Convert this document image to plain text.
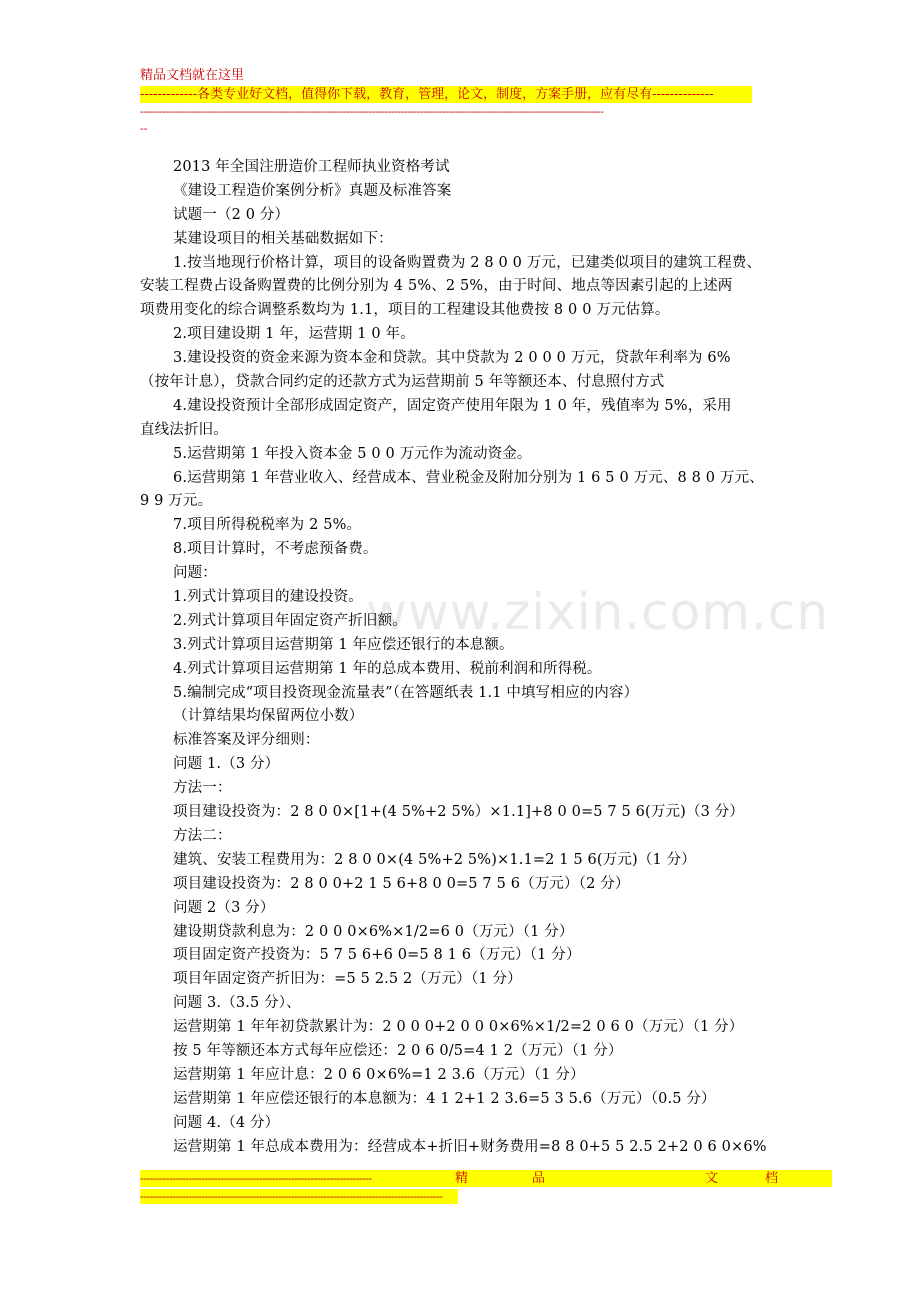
精品文档就在这里
-------------各类专业好文档，值得你下载，教育，管理，论文，制度，方案手册，应有尽有--------------
------------------------------------------------------------------------------------------------------------------------------------------------
--
www.zixin.com.cn
2013 年全国注册造价工程师执业资格考试
《建设工程造价案例分析》真题及标准答案
试题一（2 0 分）
某建设项目的相关基础数据如下：
1.按当地现行价格计算，项目的设备购置费为 2 8 0 0 万元，已建类似项目的建筑工程费、
安装工程费占设备购置费的比例分别为 4 5%、2 5%，由于时间、地点等因素引起的上述两
项费用变化的综合调整系数均为 1.1，项目的工程建设其他费按 8 0 0 万元估算。
2.项目建设期 1 年，运营期 1 0 年。
3.建设投资的资金来源为资本金和贷款。其中贷款为 2 0 0 0 万元，贷款年利率为 6%
（按年计息），贷款合同约定的还款方式为运营期前 5 年等额还本、付息照付方式
4.建设投资预计全部形成固定资产，固定资产使用年限为 1 0 年，残值率为 5%，采用
直线法折旧。
5.运营期第 1 年投入资本金 5 0 0 万元作为流动资金。
6.运营期第 1 年营业收入、经营成本、营业税金及附加分别为 1 6 5 0 万元、8 8 0 万元、
9 9 万元。
7.项目所得税税率为 2 5%。
8.项目计算时，不考虑预备费。
问题：
1.列式计算项目的建设投资。
2.列式计算项目年固定资产折旧额。
3.列式计算项目运营期第 1 年应偿还银行的本息额。
4.列式计算项目运营期第 1 年的总成本费用、税前利润和所得税。
5.编制完成“项目投资现金流量表”（在答题纸表 1.1 中填写相应的内容）
（计算结果均保留两位小数）
标准答案及评分细则：
问题 1.（3 分）
方法一：
项目建设投资为：2 8 0 0×[1+(4 5%+2 5%）×1.1]+8 0 0=5 7 5 6(万元)（3 分）
方法二：
建筑、安装工程费用为：2 8 0 0×(4 5%+2 5%)×1.1=2 1 5 6(万元)（1 分）
项目建设投资为：2 8 0 0+2 1 5 6+8 0 0=5 7 5 6（万元）（2 分）
问题 2（3 分）
建设期贷款利息为：2 0 0 0×6%×1/2=6 0（万元）（1 分）
项目固定资产投资为：5 7 5 6+6 0=5 8 1 6（万元）（1 分）
项目年固定资产折旧为：=5 5 2.5 2（万元）（1 分）
问题 3.（3.5 分）、
运营期第 1 年年初贷款累计为：2 0 0 0+2 0 0 0×6%×1/2=2 0 6 0（万元）（1 分）
按 5 年等额还本方式每年应偿还：2 0 6 0/5=4 1 2（万元）（1 分）
运营期第 1 年应计息：2 0 6 0×6%=1 2 3.6（万元）（1 分）
运营期第 1 年应偿还银行的本息额为：4 1 2+1 2 3.6=5 3 5.6（万元）（0.5 分）
问题 4.（4 分）
运营期第 1 年总成本费用为：经营成本+折旧+财务费用=8 8 0+5 5 2.5 2+2 0 6 0×6%
------------------------------------------------------------------------	精	品	文	档
----------------------------------------------------------------------------------------------
